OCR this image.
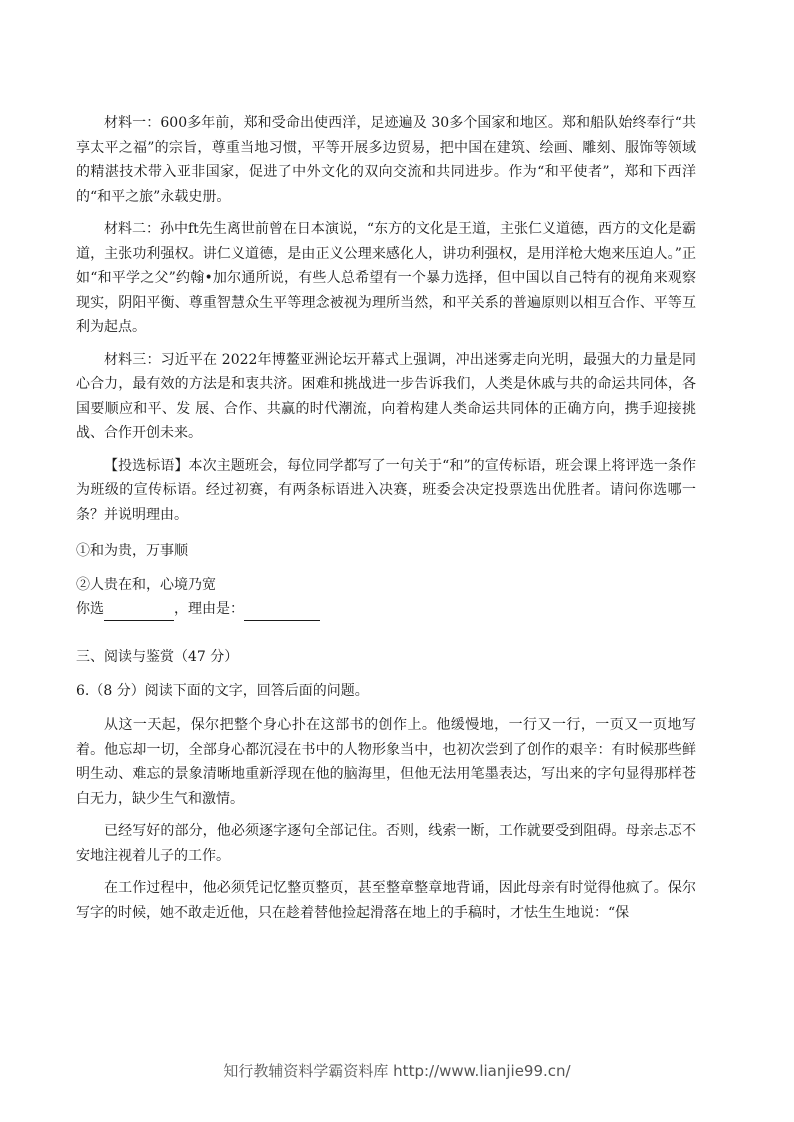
材料一：600多年前，郑和受命出使西洋，足迹遍及 30多个国家和地区。郑和船队始终奉行“共享太平之福”的宗旨，尊重当地习惯，平等开展多边贸易，把中国在建筑、绘画、雕刻、服饰等领域的精湛技术带入亚非国家，促进了中外文化的双向交流和共同进步。作为“和平使者”，郑和下西洋的“和平之旅”永载史册。

材料二：孙中ft先生离世前曾在日本演说，“东方的文化是王道，主张仁义道德，西方的文化是霸道，主张功利强权。讲仁义道德，是由正义公理来感化人，讲功利强权，是用洋枪大炮来压迫人。”正如“和平学之父”约翰•加尔通所说，有些人总希望有一个暴力选择，但中国以自己特有的视角来观察现实，阴阳平衡、尊重智慧众生平等理念被视为理所当然，和平关系的普遍原则以相互合作、平等互利为起点。

材料三：习近平在 2022年博鳌亚洲论坛开幕式上强调，冲出迷雾走向光明，最强大的力量是同心合力，最有效的方法是和衷共济。困难和挑战进一步告诉我们，人类是休戚与共的命运共同体，各国要顺应和平、发 展、合作、共赢的时代潮流，向着构建人类命运共同体的正确方向，携手迎接挑战、合作开创未来。

【投选标语】本次主题班会，每位同学都写了一句关于“和”的宣传标语，班会课上将评选一条作为班级的宣传标语。经过初赛，有两条标语进入决赛，班委会决定投票选出优胜者。请问你选哪一条？并说明理由。

①和为贵，万事顺

②人贵在和，心境乃宽

你选	，理由是：

三、阅读与鉴赏（47 分）

6.（8 分）阅读下面的文字，回答后面的问题。

从这一天起，保尔把整个身心扑在这部书的创作上。他缓慢地，一行又一行，一页又一页地写着。他忘却一切，全部身心都沉浸在书中的人物形象当中，也初次尝到了创作的艰辛：有时候那些鲜明生动、难忘的景象清晰地重新浮现在他的脑海里，但他无法用笔墨表达，写出来的字句显得那样苍白无力，缺少生气和激情。

已经写好的部分，他必须逐字逐句全部记住。否则，线索一断，工作就要受到阻碍。母亲忐忑不安地注视着儿子的工作。

在工作过程中，他必须凭记忆整页整页，甚至整章整章地背诵，因此母亲有时觉得他疯了。保尔写字的时候，她不敢走近他，只在趁着替他捡起滑落在地上的手稿时，才怯生生地说：“保

知行教辅资料学霸资料库 http://www.lianjie99.cn/
